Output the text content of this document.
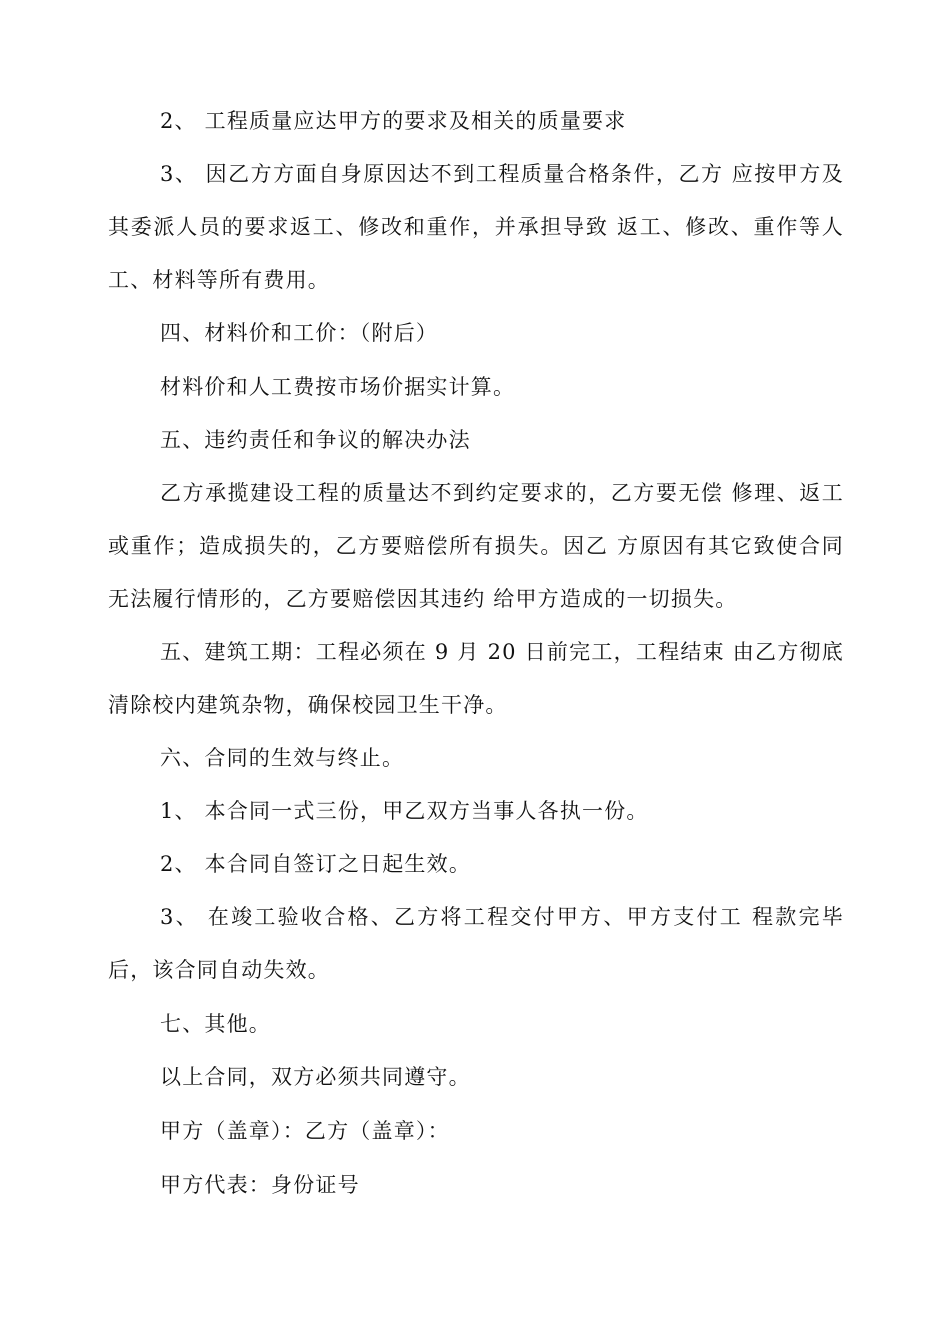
2、 工程质量应达甲方的要求及相关的质量要求

3、 因乙方方面自身原因达不到工程质量合格条件，乙方 应按甲方及其委派人员的要求返工、修改和重作，并承担导致 返工、修改、重作等人工、材料等所有费用。

四、材料价和工价：（附后）

材料价和人工费按市场价据实计算。

五、违约责任和争议的解决办法

乙方承揽建设工程的质量达不到约定要求的，乙方要无偿 修理、返工或重作；造成损失的，乙方要赔偿所有损失。因乙 方原因有其它致使合同无法履行情形的，乙方要赔偿因其违约 给甲方造成的一切损失。

五、建筑工期：工程必须在 9 月 20 日前完工，工程结束 由乙方彻底清除校内建筑杂物，确保校园卫生干净。

六、合同的生效与终止。

1、 本合同一式三份，甲乙双方当事人各执一份。

2、 本合同自签订之日起生效。

3、 在竣工验收合格、乙方将工程交付甲方、甲方支付工 程款完毕后，该合同自动失效。

七、其他。

以上合同，双方必须共同遵守。

甲方（盖章）：乙方（盖章）：

甲方代表：身份证号
